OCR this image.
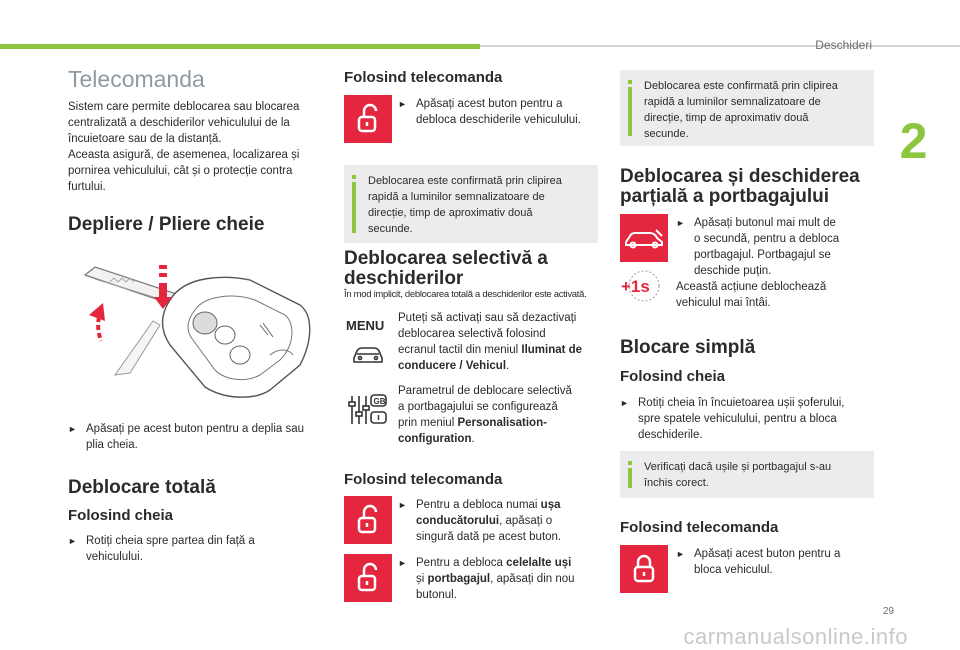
Deschideri
2
29
carmanualsonline.info
Telecomanda
Sistem care permite deblocarea sau blocarea
centralizată a deschiderilor vehiculului de la
încuietoare sau de la distanță.
Aceasta asigură, de asemenea, localizarea și
pornirea vehiculului, cât și o protecție contra
furtului.
Depliere / Pliere cheie
► Apăsați pe acest buton pentru a deplia sau
plia cheia.
Deblocare totală
Folosind cheia
► Rotiți cheia spre partea din față a
vehiculului.
Folosind telecomanda
► Apăsați acest buton pentru a
debloca deschiderile vehiculului.
Deblocarea este confirmată prin clipirea
rapidă a luminilor semnalizatoare de
direcție, timp de aproximativ două
secunde.
Deblocarea selectivă a
deschiderilor
În mod implicit, deblocarea totală a deschiderilor este activată.
MENU Puteți să activați sau să dezactivați
deblocarea selectivă folosind
ecranul tactil din meniul Iluminat de
conducere / Vehicul.
GB
Parametrul de deblocare selectivă
a portbagajului se configurează
prin meniul Personalisation-
configuration.
Folosind telecomanda
► Pentru a debloca numai ușa
conducătorului, apăsați o
singură dată pe acest buton.
► Pentru a debloca celelalte uși
și portbagajul, apăsați din nou
butonul.
Deblocarea este confirmată prin clipirea
rapidă a luminilor semnalizatoare de
direcție, timp de aproximativ două
secunde.
Deblocarea și deschiderea
parțială a portbagajului
+1s
► Apăsați butonul mai mult de
o secundă, pentru a debloca
portbagajul. Portbagajul se
deschide puțin.
Această acțiune deblochează
vehiculul mai întâi.
Blocare simplă
Folosind cheia
► Rotiți cheia în încuietoarea ușii șoferului,
spre spatele vehiculului, pentru a bloca
deschiderile.
Verificați dacă ușile și portbagajul s-au
închis corect.
Folosind telecomanda
► Apăsați acest buton pentru a
bloca vehiculul.
